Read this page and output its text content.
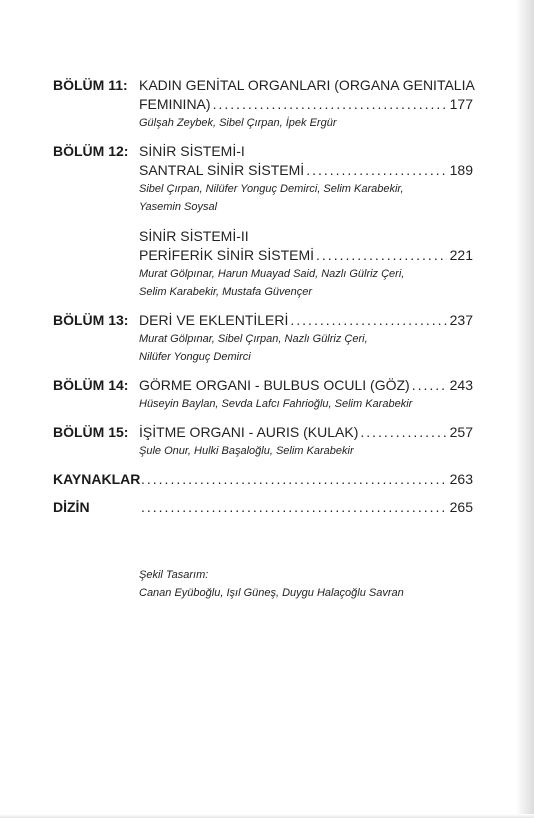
BÖLÜM 11: KADIN GENİTAL ORGANLARI (ORGANA GENITALIA
FEMININA) .....	177
Gülşah Zeybek, Sibel Çırpan, İpek Ergür
BÖLÜM 12: SİNİR SİSTEMİ-I
SANTRAL SİNİR SİSTEMİ .....	189
Sibel Çırpan, Nilüfer Yonguç Demirci, Selim Karabekir,
Yasemin Soysal
SİNİR SİSTEMİ-II
PERİFERİK SİNİR SİSTEMİ .....	221
Murat Gölpınar, Harun Muayad Said, Nazlı Gülriz Çeri,
Selim Karabekir, Mustafa Güvençer
BÖLÜM 13: DERİ VE EKLENTİLERİ .....	237
Murat Gölpınar, Sibel Çırpan, Nazlı Gülriz Çeri,
Nilüfer Yonguç Demirci
BÖLÜM 14: GÖRME ORGANI - BULBUS OCULI (GÖZ) .....	243
Hüseyin Baylan, Sevda Lafcı Fahrioğlu, Selim Karabekir
BÖLÜM 15: İŞİTME ORGANI - AURIS (KULAK) .....	257
Şule Onur, Hulki Başaloğlu, Selim Karabekir
KAYNAKLAR .....	263
DİZİN .....	265
Şekil Tasarım:
Canan Eyüboğlu, Işıl Güneş, Duygu Halaçoğlu Savran
